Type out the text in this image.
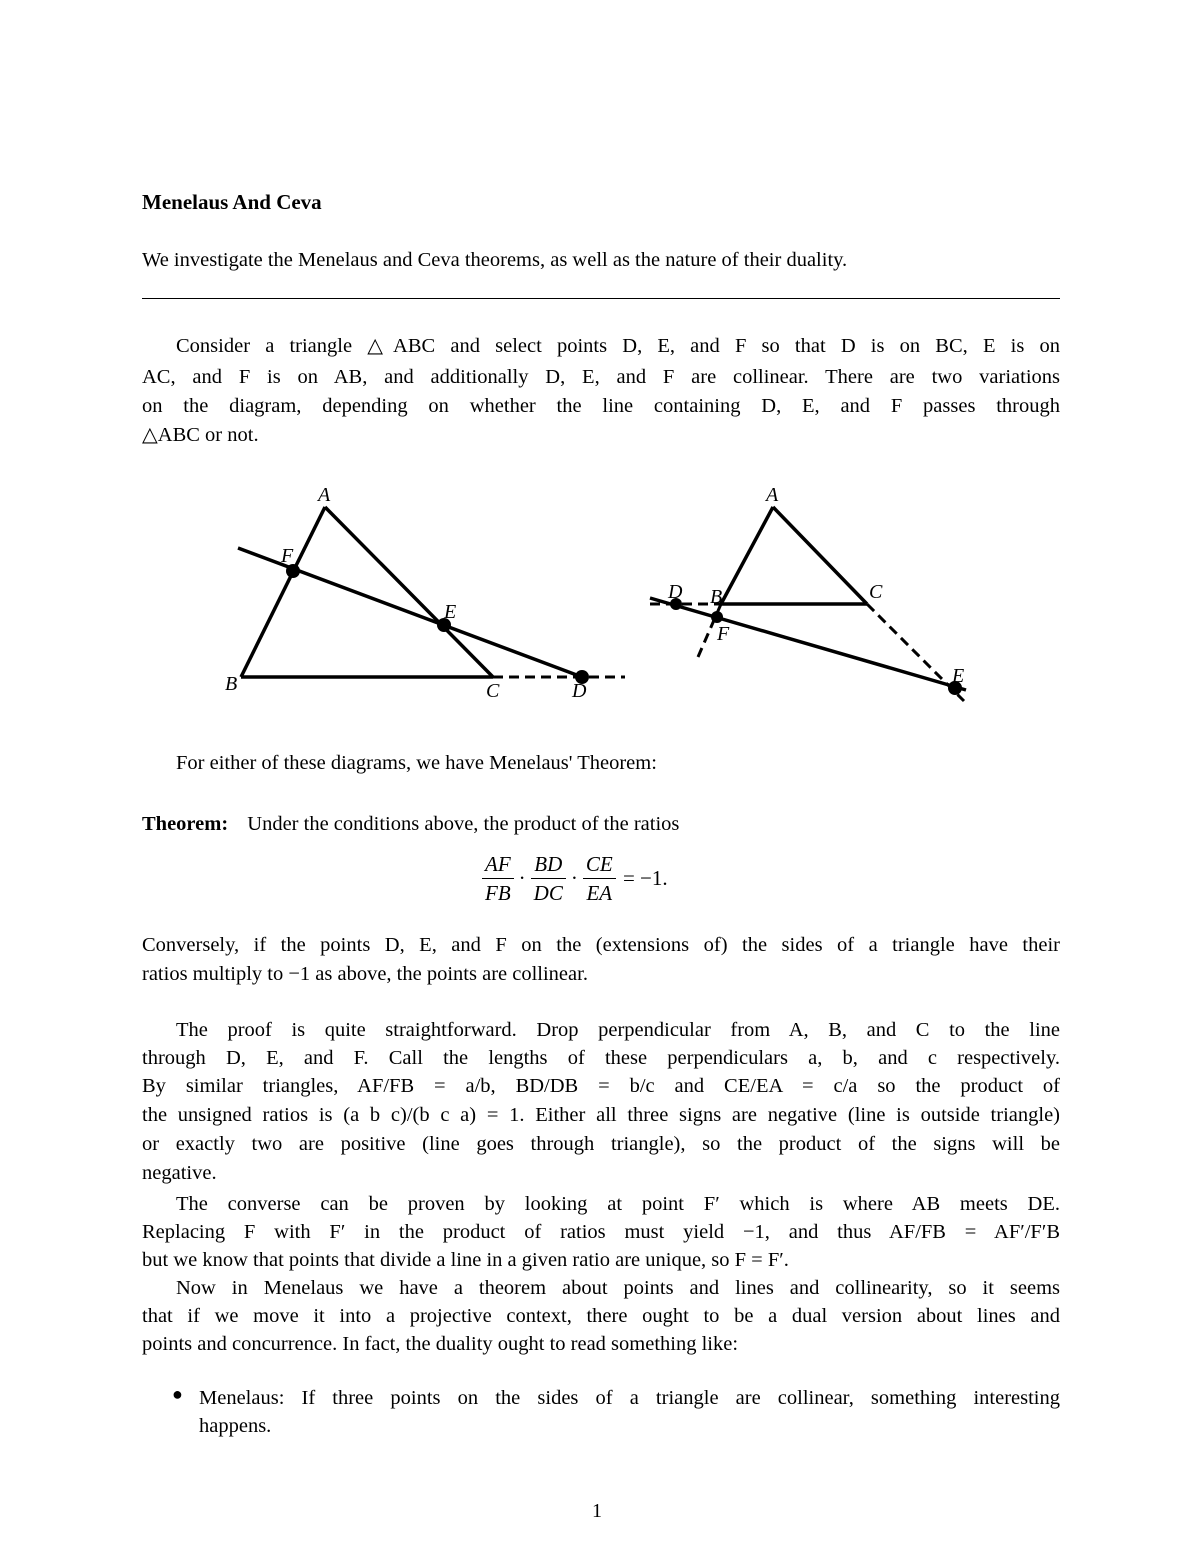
Menelaus And Ceva
We investigate the Menelaus and Ceva theorems, as well as the nature of their duality.
Consider a triangle △ABC and select points D, E, and F so that D is on BC, E is on
AC, and F is on AB, and additionally D, E, and F are collinear. There are two variations
on the diagram, depending on whether the line containing D, E, and F passes through
△ABC or not.
A
F
E
B	C	D
A
D B	C
F
E
For either of these diagrams, we have Menelaus' Theorem:
Theorem: Under the conditions above, the product of the ratios
$\frac{AF}{FB} \cdot \frac{BD}{DC} \cdot \frac{CE}{EA} = -1$.
Conversely, if the points D, E, and F on the (extensions of) the sides of a triangle have their
ratios multiply to −1 as above, the points are collinear.
The proof is quite straightforward. Drop perpendicular from A, B, and C to the line
through D, E, and F. Call the lengths of these perpendiculars a, b, and c respectively.
By similar triangles, AF/FB = a/b, BD/DB = b/c and CE/EA = c/a so the product of
the unsigned ratios is (a b c)/(b c a) = 1. Either all three signs are negative (line is outside triangle)
or exactly two are positive (line goes through triangle), so the product of the signs will be
negative.
The converse can be proven by looking at point F′ which is where AB meets DE.
Replacing F with F′ in the product of ratios must yield −1, and thus AF/FB = AF′/F′B
but we know that points that divide a line in a given ratio are unique, so F = F′.
Now in Menelaus we have a theorem about points and lines and collinearity, so it seems
that if we move it into a projective context, there ought to be a dual version about lines and
points and concurrence. In fact, the duality ought to read something like:
● Menelaus: If three points on the sides of a triangle are collinear, something interesting
happens.
1
